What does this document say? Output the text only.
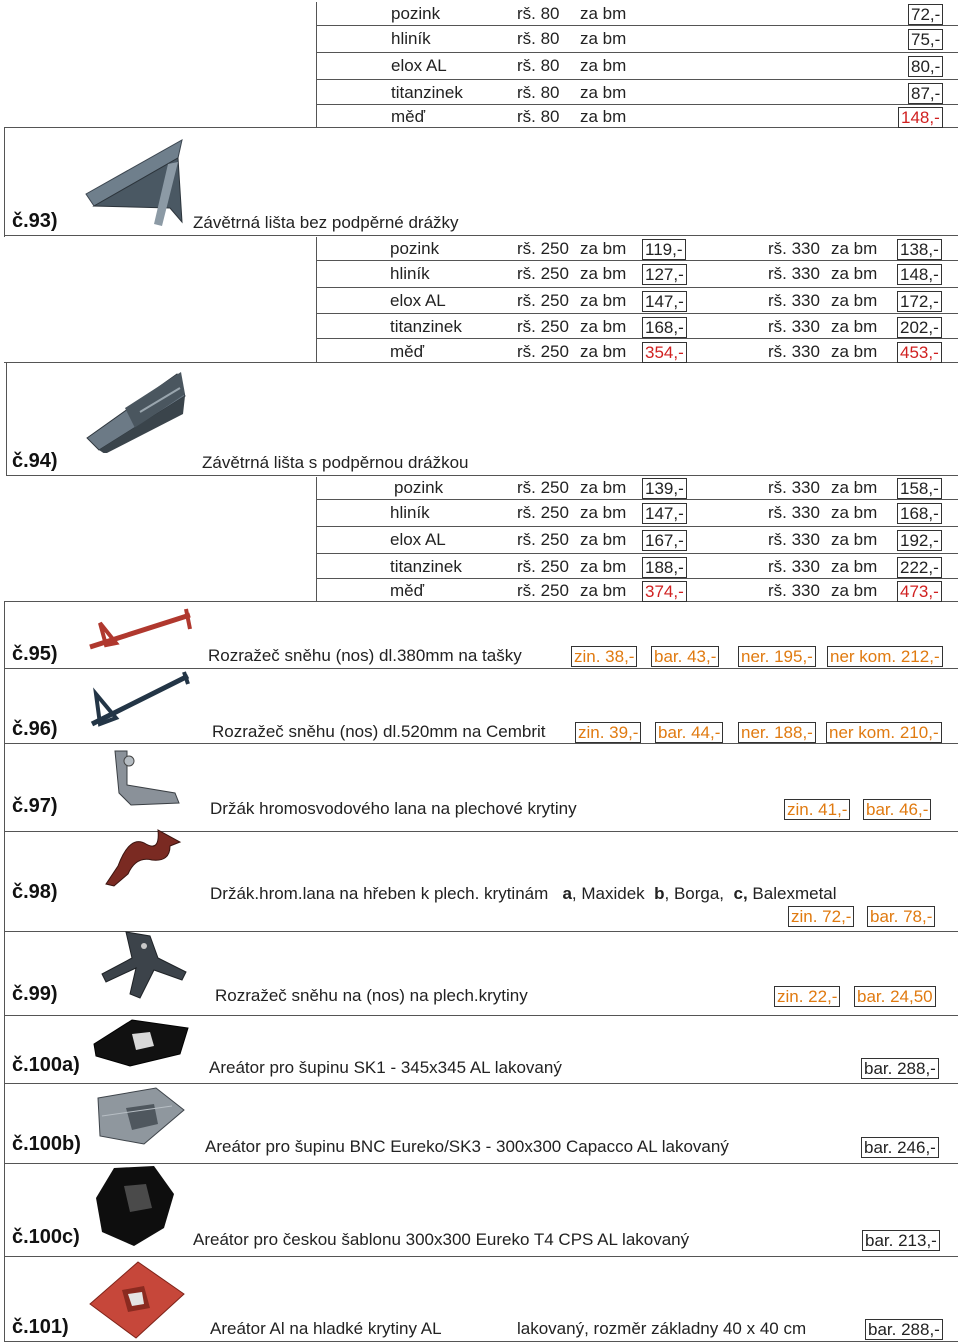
pozink	rš. 80 za bm	72,-
hliník	rš. 80 za bm	75,-
elox AL	rš. 80 za bm	80,-
titanzinek	rš. 80 za bm	87,-
měď	rš. 80 za bm	148,-
č.93)	Závětrná lišta bez podpěrné drážky
pozink	rš. 250 za bm 119,-	rš. 330 za bm 138,-
hliník	rš. 250 za bm 127,-	rš. 330 za bm 148,-
elox AL	rš. 250 za bm 147,-	rš. 330 za bm 172,-
titanzinek	rš. 250 za bm 168,-	rš. 330 za bm 202,-
měď	rš. 250 za bm 354,-	rš. 330 za bm 453,-
č.94)	Závětrná lišta s podpěrnou drážkou
pozink	rš. 250 za bm 139,-	rš. 330 za bm 158,-
hliník	rš. 250 za bm 147,-	rš. 330 za bm 168,-
elox AL	rš. 250 za bm 167,-	rš. 330 za bm 192,-
titanzinek	rš. 250 za bm 188,-	rš. 330 za bm 222,-
měď	rš. 250 za bm 374,-	rš. 330 za bm 473,-
č.95)	Rozražeč sněhu (nos) dl.380mm na tašky	zin. 38,- bar. 43,- ner. 195,- ner kom. 212,-
č.96)	Rozražeč sněhu (nos) dl.520mm na Cembrit zin. 39,- bar. 44,- ner. 188,- ner kom. 210,-
č.97)	Držák hromosvodového lana na plechové krytiny	zin. 41,- bar. 46,-
č.98)	Držák.hrom.lana na hřeben k plech. krytinám a, Maxidek b, Borga, c, Balexmetal
zin. 72,- bar. 78,-
č.99)	Rozražeč sněhu na (nos) na plech.krytiny	zin. 22,- bar. 24,50
č.100a)	Areátor pro šupinu SK1 - 345x345 AL lakovaný	bar. 288,-
č.100b)	Areátor pro šupinu BNC Eureko/SK3 - 300x300 Capacco AL lakovaný	bar. 246,-
č.100c)	Areátor pro českou šablonu 300x300 Eureko T4 CPS AL lakovaný	bar. 213,-
č.101)	Areátor Al na hladké krytiny AL	lakovaný, rozměr základny 40 x 40 cm	bar. 288,-
